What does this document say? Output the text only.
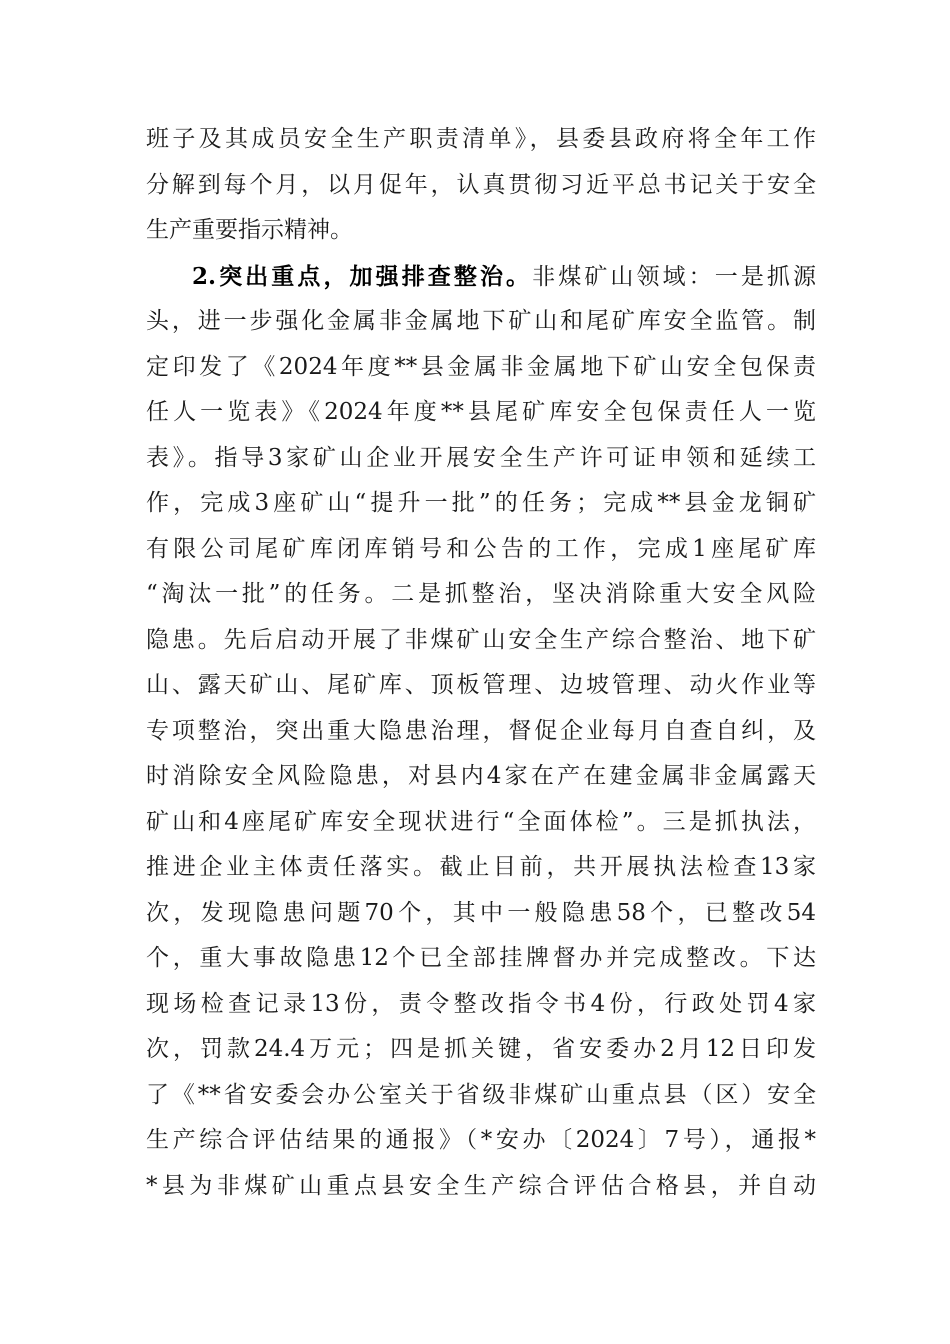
班子及其成员安全生产职责清单》，县委县政府将全年工作
分解到每个月，以月促年，认真贯彻习近平总书记关于安全
生产重要指示精神。
2.突出重点，加强排查整治。非煤矿山领域：一是抓源
头，进一步强化金属非金属地下矿山和尾矿库安全监管。制
定印发了《2024年度**县金属非金属地下矿山安全包保责
任人一览表》《2024年度**县尾矿库安全包保责任人一览
表》。指导3家矿山企业开展安全生产许可证申领和延续工
作，完成3座矿山“提升一批”的任务；完成**县金龙铜矿
有限公司尾矿库闭库销号和公告的工作，完成1座尾矿库
“淘汰一批”的任务。二是抓整治，坚决消除重大安全风险
隐患。先后启动开展了非煤矿山安全生产综合整治、地下矿
山、露天矿山、尾矿库、顶板管理、边坡管理、动火作业等
专项整治，突出重大隐患治理，督促企业每月自查自纠，及
时消除安全风险隐患，对县内4家在产在建金属非金属露天
矿山和4座尾矿库安全现状进行“全面体检”。三是抓执法，
推进企业主体责任落实。截止目前，共开展执法检查13家
次，发现隐患问题70个，其中一般隐患58个，已整改54
个，重大事故隐患12个已全部挂牌督办并完成整改。下达
现场检查记录13份，责令整改指令书4份，行政处罚4家
次，罚款24.4万元；四是抓关键，省安委办2月12日印发
了《**省安委会办公室关于省级非煤矿山重点县（区）安全
生产综合评估结果的通报》（*安办〔2024〕7号），通报*
*县为非煤矿山重点县安全生产综合评估合格县，并自动
